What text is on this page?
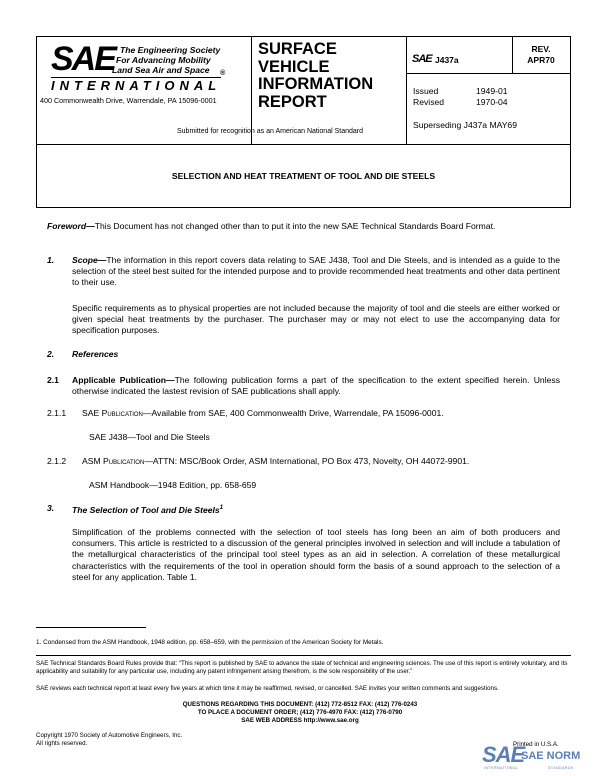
SAE The Engineering Society
For Advancing Mobility
Land Sea Air and Space ®
INTERNATIONAL
400 Commonwealth Drive, Warrendale, PA 15096-0001
SURFACE
VEHICLE
INFORMATION
REPORT
Submitted for recognition as an American National Standard
SAE J437a
REV.
APR70
Issued	1949-01
Revised	1970-04
Superseding J437a MAY69
SELECTION AND HEAT TREATMENT OF TOOL AND DIE STEELS
Foreword—This Document has not changed other than to put it into the new SAE Technical Standards Board Format.
1. Scope—The information in this report covers data relating to SAE J438, Tool and Die Steels, and is intended as a guide to the selection of the steel best suited for the intended purpose and to provide recommended heat treatments and other data pertinent to their use.
Specific requirements as to physical properties are not included because the majority of tool and die steels are either worked or given special heat treatments by the purchaser. The purchaser may or may not elect to use the accompanying data for specification purposes.
2. References
2.1 Applicable Publication—The following publication forms a part of the specification to the extent specified herein. Unless otherwise indicated the lastest revision of SAE publications shall apply.
2.1.1 SAE Publication—Available from SAE, 400 Commonwealth Drive, Warrendale, PA 15096-0001.
SAE J438—Tool and Die Steels
2.1.2 ASM Publication—ATTN: MSC/Book Order, ASM International, PO Box 473, Novelty, OH 44072-9901.
ASM Handbook—1948 Edition, pp. 658-659
3. The Selection of Tool and Die Steels$^1$
Simplification of the problems connected with the selection of tool steels has long been an aim of both producers and consumers. This article is restricted to a discussion of the general principles involved in selection and will include a tabulation of the metallurgical characteristics of the principal tool steel types as an aid in selection. A correlation of these metallurgical characteristics with the requirements of the tool in operation should form the basis of a sound approach to the selection of a steel for any application. Table 1.
1. Condensed from the ASM Handbook, 1948 edition, pp. 658–659, with the permission of the American Society for Metals.
SAE Technical Standards Board Rules provide that: “This report is published by SAE to advance the state of technical and engineering sciences. The use of this report is entirely voluntary, and its applicability and suitability for any particular use, including any patent infringement arising therefrom, is the sole responsibility of the user.”
SAE reviews each technical report at least every five years at which time it may be reaffirmed, revised, or cancelled. SAE invites your written comments and suggestions.
QUESTIONS REGARDING THIS DOCUMENT: (412) 772-8512 FAX: (412) 776-0243
TO PLACE A DOCUMENT ORDER; (412) 776-4970 FAX: (412) 776-0790
SAE WEB ADDRESS http://www.sae.org
Copyright 1970 Society of Automotive Engineers, Inc.
All rights reserved.	Printed in U.S.A.
SAE
SAE NORM
INTERNATIONAL	STANDARDS
